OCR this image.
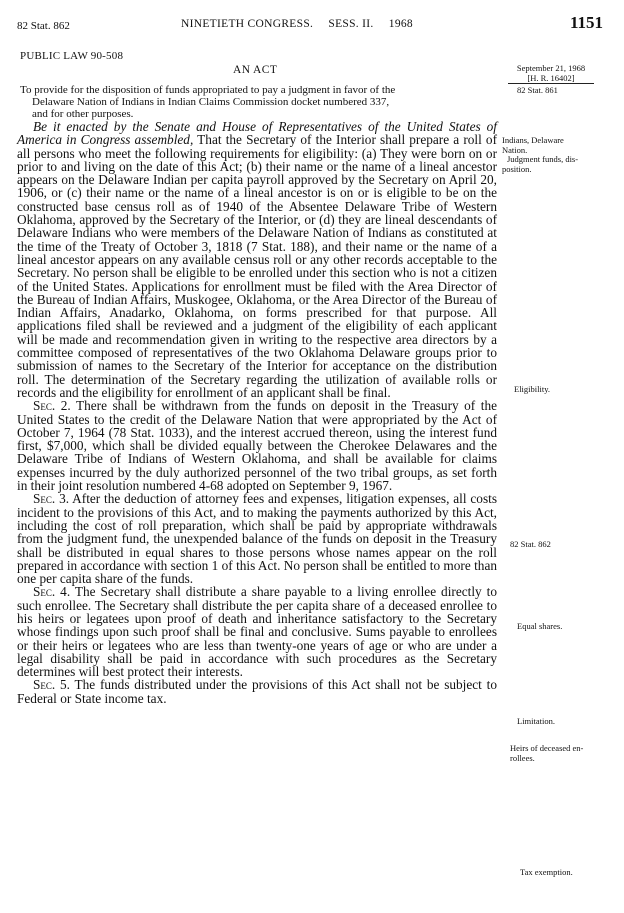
82 Stat. 862	NINETIETH CONGRESS. SESS. II. 1968	1151
PUBLIC LAW 90-508
AN ACT
To provide for the disposition of funds appropriated to pay a judgment in favor of the
Delaware Nation of Indians in Indian Claims Commission docket numbered 337,
and for other purposes.

Be it enacted by the Senate and House of Representatives of the United States of America in Congress assembled, That the Secretary of the Interior shall prepare a roll of all persons who meet the following requirements for eligibility: (a) They were born on or prior to and living on the date of this Act; (b) their name or the name of a lineal ancestor appears on the Delaware Indian per capita payroll approved by the Secretary on April 20, 1906, or (c) their name or the name of a lineal ancestor is on or is eligible to be on the constructed base census roll as of 1940 of the Absentee Delaware Tribe of Western Oklahoma, approved by the Secretary of the Interior, or (d) they are lineal descendants of Delaware Indians who were members of the Delaware Nation of Indians as constituted at the time of the Treaty of October 3, 1818 (7 Stat. 188), and their name or the name of a lineal ancestor appears on any available census roll or any other records acceptable to the Secretary. No person shall be eligible to be enrolled under this section who is not a citizen of the United States. Applications for enrollment must be filed with the Area Director of the Bureau of Indian Affairs, Muskogee, Oklahoma, or the Area Director of the Bureau of Indian Affairs, Anadarko, Oklahoma, on forms prescribed for that purpose. All applications filed shall be reviewed and a judgment of the eligibility of each applicant will be made and recommendation given in writing to the respective area directors by a committee composed of representatives of the two Oklahoma Delaware groups prior to submission of names to the Secretary of the Interior for acceptance on the distribution roll. The determination of the Secretary regarding the utilization of available rolls or records and the eligibility for enrollment of an applicant shall be final.

Sec. 2. There shall be withdrawn from the funds on deposit in the Treasury of the United States to the credit of the Delaware Nation that were appropriated by the Act of October 7, 1964 (78 Stat. 1033), and the interest accrued thereon, using the interest fund first, $7,000, which shall be divided equally between the Cherokee Delawares and the Delaware Tribe of Indians of Western Oklahoma, and shall be available for claims expenses incurred by the duly authorized personnel of the two tribal groups, as set forth in their joint resolution numbered 4-68 adopted on September 9, 1967.

Sec. 3. After the deduction of attorney fees and expenses, litigation expenses, all costs incident to the provisions of this Act, and to making the payments authorized by this Act, including the cost of roll preparation, which shall be paid by appropriate withdrawals from the judgment fund, the unexpended balance of the funds on deposit in the Treasury shall be distributed in equal shares to those persons whose names appear on the roll prepared in accordance with section 1 of this Act. No person shall be entitled to more than one per capita share of the funds.

Sec. 4. The Secretary shall distribute a share payable to a living enrollee directly to such enrollee. The Secretary shall distribute the per capita share of a deceased enrollee to his heirs or legatees upon proof of death and inheritance satisfactory to the Secretary whose findings upon such proof shall be final and conclusive. Sums payable to enrollees or their heirs or legatees who are less than twenty-one years of age or who are under a legal disability shall be paid in accordance with such procedures as the Secretary determines will best protect their interests.

Sec. 5. The funds distributed under the provisions of this Act shall not be subject to Federal or State income tax.

September 21, 1968
[H. R. 16402]
82 Stat. 861
Indians, Delaware
Nation.
Judgment funds, dis-
position.
Eligibility.
82 Stat. 862
Equal shares.
Limitation.
Heirs of deceased en-
rollees.
Tax exemption.
